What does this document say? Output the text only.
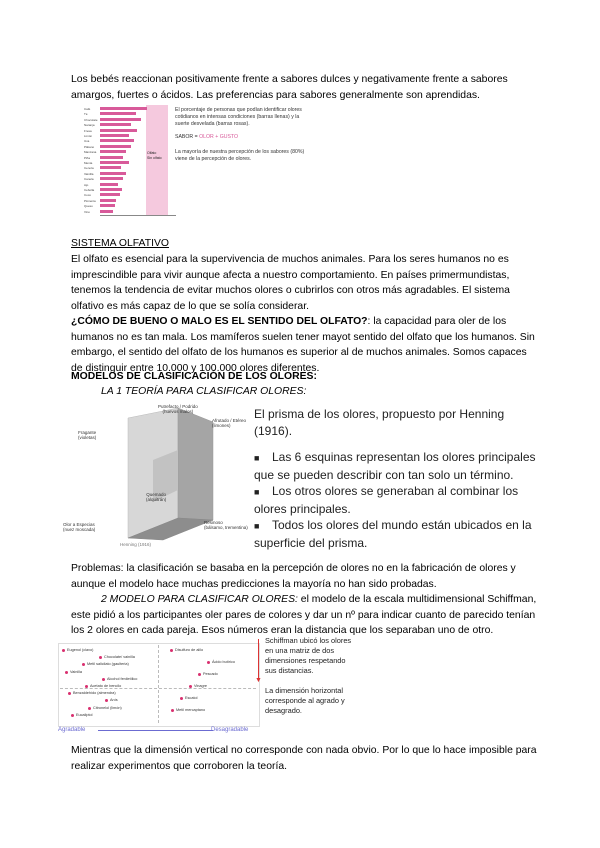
Los bebés reaccionan positivamente frente a sabores dulces y negativamente frente a sabores amargos, fuertes o ácidos. Las preferencias para sabores generalmente son aprendidas.

Café
Té
Chocolate
Naranja
Fresa
Limón
Uva
Plátano
Manzana
Piña
Menta
Cereza
Vainilla
Canela
Ajo
Cebolla
Coco
Pimienta
Queso
Vino
Olfato
Sin olfato
El porcentaje de personas que podían identificar olores cotidianos en intensas condiciones (barras llenas) y la suerte desvelada (barras rosas).
SABOR = OLOR + GUSTO
La mayoría de nuestra percepción de los sabores (80%) viene de la percepción de olores.

SISTEMA OLFATIVO

El olfato es esencial para la supervivencia de muchos animales. Para los seres humanos no es imprescindible para vivir aunque afecta a nuestro comportamiento. En países primermundistas, tenemos la tendencia de evitar muchos olores o cubrirlos con otros más agradables. El sistema olfativo es más capaz de lo que se solía considerar.

¿CÓMO DE BUENO O MALO ES EL SENTIDO DEL OLFATO?: la capacidad para oler de los humanos no es tan mala. Los mamíferos suelen tener mayot sentido del olfato que los humanos. Sin embargo, el sentido del olfato de los humanos es superior al de muchos animales. Somos capaces de distinguir entre 10.000 y 100.000 olores diferentes.

MODELOS DE CLASIFICACIÓN DE LOS OLORES:

LA 1 TEORÍA PARA CLASIFICAR OLORES:

Putrefacto / Podrido
(huevos malos)
Fragante
(violetas)
Afrutado / Etéreo
(limones)
Quemado
(alquitrán)
Olor a Especias
(nuez moscada)
Resinoso
(bálsamo, trementina)
Henning (1916)
El prisma de los olores, propuesto por Henning (1916).
■ Las 6 esquinas representan los olores principales que se pueden describir con tan solo un término.
■ Los otros olores se generaban al combinar los olores principales.
■ Todos los olores del mundo están ubicados en la superficie del prisma.

Problemas: la clasificación se basaba en la percepción de olores no en la fabricación de olores y aunque el modelo hace muchas predicciones la mayoría no han sido probadas.

2 MODELO PARA CLASIFICAR OLORES: el modelo de la escala multidimensional Schiffman, este pidió a los participantes oler pares de colores y dar un nº para indicar cuanto de parecido tenían los 2 olores en cada pareja. Esos números eran la distancia que los separaban uno de otro.

Eugenol (clavo)
Chocolate/ vainilla
Metil salicilato (gaulteria)
Vainilla
Alcohol feniletílico
Acetato de bencilo
Benzaldehído (almendra)
Anís
Citronelol (limón)
Eucaliptol
Disulfuro de alilo
Ácido butírico
Pescado
Vinagre
Escatol
Metil mercaptano
Agradable	Desagradable
▼
Schiffman ubicó los olores en una matriz de dos dimensiones respetando sus distancias.
La dimensión horizontal corresponde al agrado y desagrado.

Mientras que la dimensión vertical no corresponde con nada obvio. Por lo que lo hace imposible para realizar experimentos que corroboren la teoría.
